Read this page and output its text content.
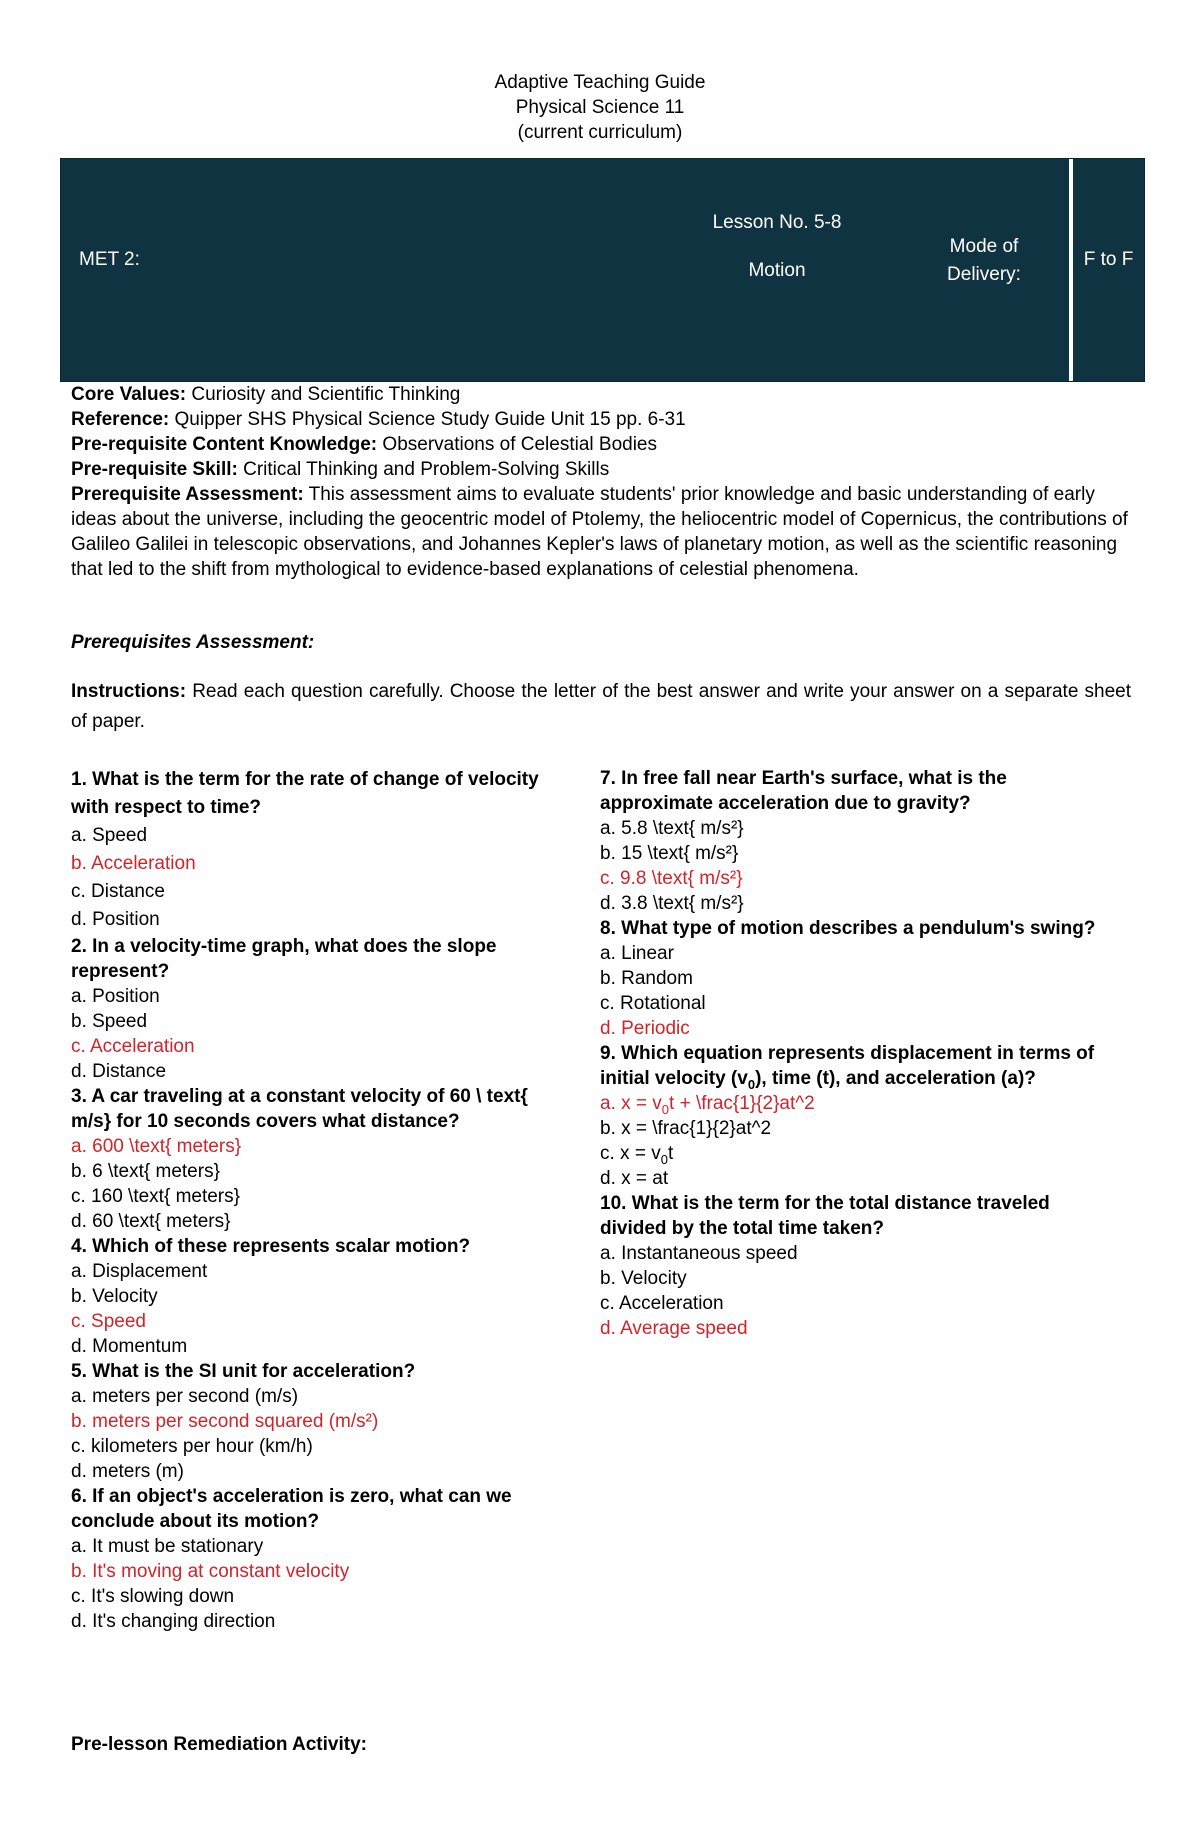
Adaptive Teaching Guide
Physical Science 11
(current curriculum)
MET 2:
Lesson No. 5-8
Motion
Mode of
Delivery:
F to F

Core Values: Curiosity and Scientific Thinking

Reference: Quipper SHS Physical Science Study Guide Unit 15 pp. 6-31

Pre-requisite Content Knowledge: Observations of Celestial Bodies

Pre-requisite Skill: Critical Thinking and Problem-Solving Skills

Prerequisite Assessment: This assessment aims to evaluate students' prior knowledge and basic understanding of early ideas about the universe, including the geocentric model of Ptolemy, the heliocentric model of Copernicus, the contributions of Galileo Galilei in telescopic observations, and Johannes Kepler's laws of planetary motion, as well as the scientific reasoning that led to the shift from mythological to evidence-based explanations of celestial phenomena.

Prerequisites Assessment:
Instructions: Read each question carefully. Choose the letter of the best answer and write your answer on a separate sheet of paper.
1. What is the term for the rate of change of velocity
with respect to time?
a. Speed
b. Acceleration
c. Distance
d. Position
2. In a velocity-time graph, what does the slope represent?
a. Position
b. Speed
c. Acceleration
d. Distance
3. A car traveling at a constant velocity of 60 \ text{ m/s} for 10 seconds covers what distance?
a. 600 \text{ meters}
b. 6 \text{ meters}
c. 160 \text{ meters}
d. 60 \text{ meters}
4. Which of these represents scalar motion?
a. Displacement
b. Velocity
c. Speed
d. Momentum
5. What is the SI unit for acceleration?
a. meters per second (m/s)
b. meters per second squared (m/s²)
c. kilometers per hour (km/h)
d. meters (m)
6. If an object's acceleration is zero, what can we conclude about its motion?
a. It must be stationary
b. It's moving at constant velocity
c. It's slowing down
d. It's changing direction
7. In free fall near Earth's surface, what is the approximate acceleration due to gravity?
a. 5.8 \text{ m/s²}
b. 15 \text{ m/s²}
c. 9.8 \text{ m/s²}
d. 3.8 \text{ m/s²}
8. What type of motion describes a pendulum's swing?
a. Linear
b. Random
c. Rotational
d. Periodic
9. Which equation represents displacement in terms of initial velocity $(v_0)$, time (t), and acceleration (a)?
a. $x = v_0t$ + \frac{1}{2}at^2
b. x = \frac{1}{2}at^2
c. $x = v_0t$
d. x = at
10. What is the term for the total distance traveled divided by the total time taken?
a. Instantaneous speed
b. Velocity
c. Acceleration
d. Average speed
Pre-lesson Remediation Activity:
